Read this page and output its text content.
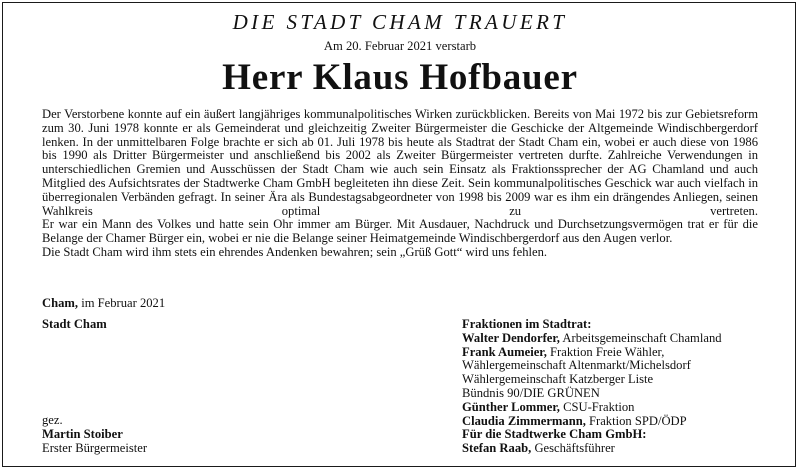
DIE STADT CHAM TRAUERT
Am 20. Februar 2021 verstarb
Herr Klaus Hofbauer

Der Verstorbene konnte auf ein äußert langjähriges kommunalpolitisches Wirken zurückblicken. Bereits von Mai 1972 bis zur Gebietsreform zum 30. Juni 1978 konnte er als Gemeinderat und gleichzeitig Zweiter Bürgermeister die Geschicke der Altgemeinde Windischbergerdorf lenken. In der unmittelbaren Folge brachte er sich ab 01. Juli 1978 bis heute als Stadtrat der Stadt Cham ein, wobei er auch diese von 1986 bis 1990 als Dritter Bürgermeister und anschließend bis 2002 als Zweiter Bürgermeister vertreten durfte. Zahlreiche Verwendungen in unterschiedlichen Gremien und Ausschüssen der Stadt Cham wie auch sein Einsatz als Fraktionssprecher der AG Chamland und auch Mitglied des Aufsichtsrates der Stadtwerke Cham GmbH begleiteten ihn diese Zeit. Sein kommunalpolitisches Geschick war auch vielfach in überregionalen Verbänden gefragt. In seiner Ära als Bundestagsabgeordneter von 1998 bis 2009 war es ihm ein drängendes Anliegen, seinen Wahlkreis optimal zu vertreten.

Er war ein Mann des Volkes und hatte sein Ohr immer am Bürger. Mit Ausdauer, Nachdruck und Durchsetzungsvermögen trat er für die Belange der Chamer Bürger ein, wobei er nie die Belange seiner Heimatgemeinde Windischbergerdorf aus den Augen verlor.

Die Stadt Cham wird ihm stets ein ehrendes Andenken bewahren; sein „Grüß Gott“ wird uns fehlen.

Cham, im Februar 2021
Stadt Cham
gez.
Martin Stoiber
Erster Bürgermeister
Fraktionen im Stadtrat:
Walter Dendorfer, Arbeitsgemeinschaft Chamland
Frank Aumeier, Fraktion Freie Wähler,
Wählergemeinschaft Altenmarkt/Michelsdorf
Wählergemeinschaft Katzberger Liste
Bündnis 90/DIE GRÜNEN
Günther Lommer, CSU-Fraktion
Claudia Zimmermann, Fraktion SPD/ÖDP
Für die Stadtwerke Cham GmbH:
Stefan Raab, Geschäftsführer
